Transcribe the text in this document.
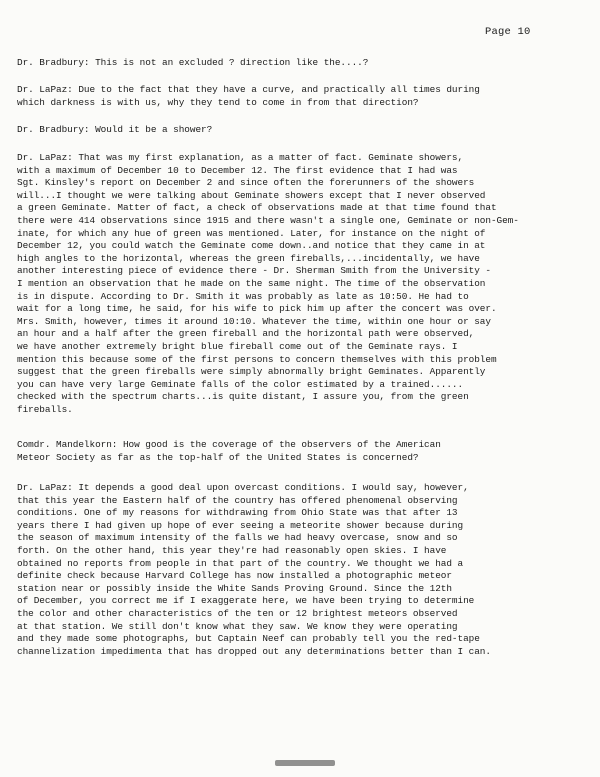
Page 10
Dr. Bradbury: This is not an excluded ? direction like the....?
Dr. LaPaz: Due to the fact that they have a curve, and practically all times during
which darkness is with us, why they tend to come in from that direction?
Dr. Bradbury: Would it be a shower?
Dr. LaPaz: That was my first explanation, as a matter of fact. Geminate showers,
with a maximum of December 10 to December 12. The first evidence that I had was
Sgt. Kinsley's report on December 2 and since often the forerunners of the showers
will...I thought we were talking about Geminate showers except that I never observed
a green Geminate. Matter of fact, a check of observations made at that time found that
there were 414 observations since 1915 and there wasn't a single one, Geminate or non-Gem-
inate, for which any hue of green was mentioned. Later, for instance on the night of
December 12, you could watch the Geminate come down..and notice that they came in at
high angles to the horizontal, whereas the green fireballs,...incidentally, we have
another interesting piece of evidence there - Dr. Sherman Smith from the University -
I mention an observation that he made on the same night. The time of the observation
is in dispute. According to Dr. Smith it was probably as late as 10:50. He had to
wait for a long time, he said, for his wife to pick him up after the concert was over.
Mrs. Smith, however, times it around 10:10. Whatever the time, within one hour or say
an hour and a half after the green fireball and the horizontal path were observed,
we have another extremely bright blue fireball come out of the Geminate rays. I
mention this because some of the first persons to concern themselves with this problem
suggest that the green fireballs were simply abnormally bright Geminates. Apparently
you can have very large Geminate falls of the color estimated by a trained......
checked with the spectrum charts...is quite distant, I assure you, from the green
fireballs.
Comdr. Mandelkorn: How good is the coverage of the observers of the American
Meteor Society as far as the top-half of the United States is concerned?
Dr. LaPaz: It depends a good deal upon overcast conditions. I would say, however,
that this year the Eastern half of the country has offered phenomenal observing
conditions. One of my reasons for withdrawing from Ohio State was that after 13
years there I had given up hope of ever seeing a meteorite shower because during
the season of maximum intensity of the falls we had heavy overcase, snow and so
forth. On the other hand, this year they're had reasonably open skies. I have
obtained no reports from people in that part of the country. We thought we had a
definite check because Harvard College has now installed a photographic meteor
station near or possibly inside the White Sands Proving Ground. Since the 12th
of December, you correct me if I exaggerate here, we have been trying to determine
the color and other characteristics of the ten or 12 brightest meteors observed
at that station. We still don't know what they saw. We know they were operating
and they made some photographs, but Captain Neef can probably tell you the red-tape
channelization impedimenta that has dropped out any determinations better than I can.
